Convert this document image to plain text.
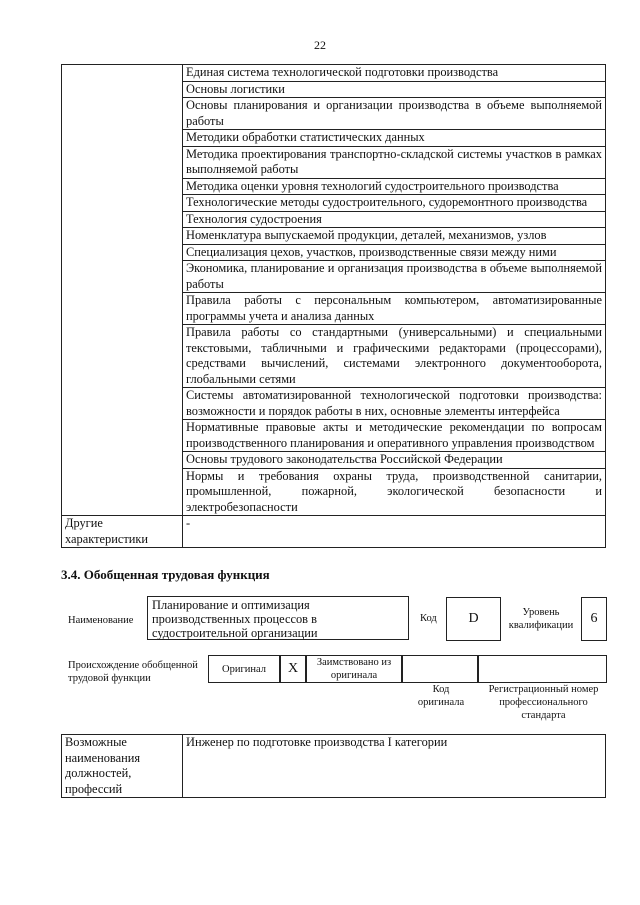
22
	Единая система технологической подготовки производства
	Основы логистики
	Основы планирования и организации производства в объеме выполняемой работы
	Методики обработки статистических данных
	Методика проектирования транспортно-складской системы участков в рамках выполняемой работы
	Методика оценки уровня технологий судостроительного производства
	Технологические методы судостроительного, судоремонтного производства
	Технология судостроения
	Номенклатура выпускаемой продукции, деталей, механизмов, узлов
	Специализация цехов, участков, производственные связи между ними
	Экономика, планирование и организация производства в объеме выполняемой работы
	Правила работы с персональным компьютером, автоматизированные программы учета и анализа данных
	Правила работы со стандартными (универсальными) и специальными текстовыми, табличными и графическими редакторами (процессорами), средствами вычислений, системами электронного документооборота, глобальными сетями
	Системы автоматизированной технологической подготовки производства: возможности и порядок работы в них, основные элементы интерфейса
	Нормативные правовые акты и методические рекомендации по вопросам производственного планирования и оперативного управления производством
	Основы трудового законодательства Российской Федерации
	Нормы и требования охраны труда, производственной санитарии, промышленной, пожарной, экологической безопасности и электробезопасности
Другие характеристики	-
3.4. Обобщенная трудовая функция
Наименование
Планирование и оптимизация производственных процессов в судостроительной организации
Код	D	Уровень квалификации	6
Происхождение обобщенной трудовой функции
Оригинал	X	Заимствовано из оригинала
Код оригинала
Регистрационный номер профессионального стандарта
Возможные наименования должностей, профессий	Инженер по подготовке производства I категории
